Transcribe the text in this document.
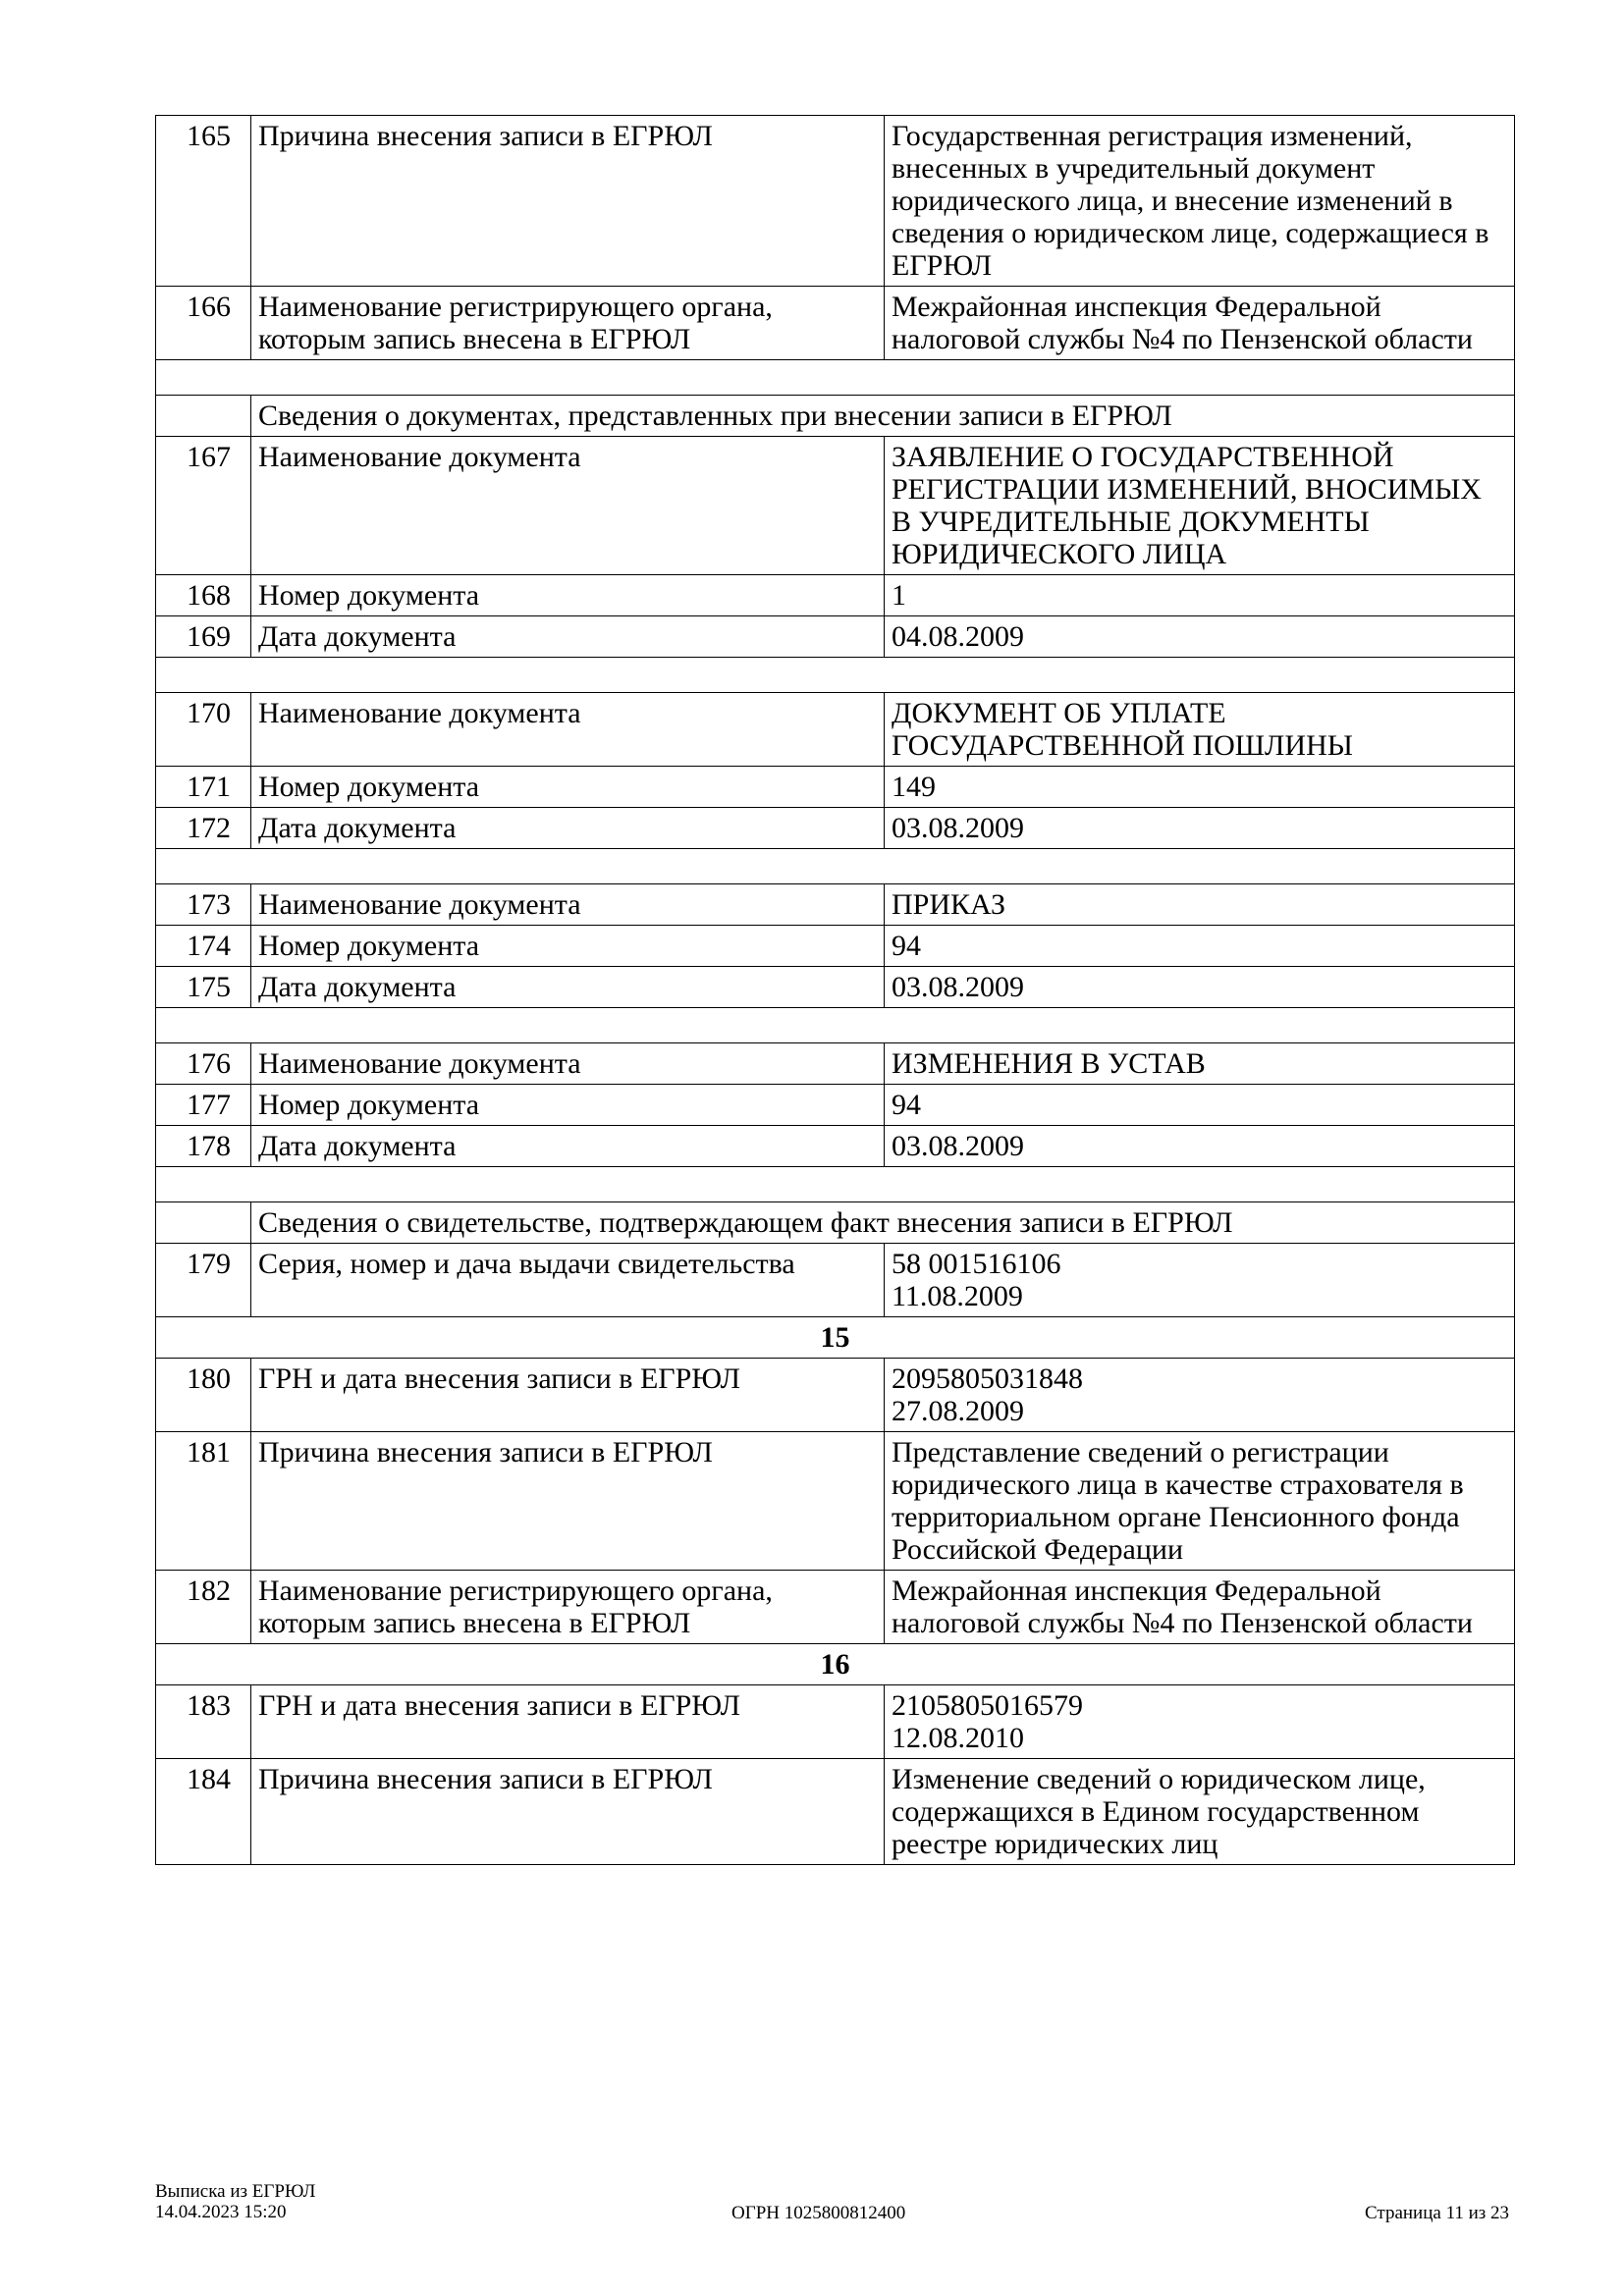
165	Причина внесения записи в ЕГРЮЛ	Государственная регистрация изменений, внесенных в учредительный документ юридического лица, и внесение изменений в сведения о юридическом лице, содержащиеся в ЕГРЮЛ
166	Наименование регистрирующего органа, которым запись внесена в ЕГРЮЛ	Межрайонная инспекция Федеральной налоговой службы №4 по Пензенской области

	Сведения о документах, представленных при внесении записи в ЕГРЮЛ	
167	Наименование документа	ЗАЯВЛЕНИЕ О ГОСУДАРСТВЕННОЙ РЕГИСТРАЦИИ ИЗМЕНЕНИЙ, ВНОСИМЫХ В УЧРЕДИТЕЛЬНЫЕ ДОКУМЕНТЫ ЮРИДИЧЕСКОГО ЛИЦА
168	Номер документа	1
169	Дата документа	04.08.2009

170	Наименование документа	ДОКУМЕНТ ОБ УПЛАТЕ ГОСУДАРСТВЕННОЙ ПОШЛИНЫ
171	Номер документа	149
172	Дата документа	03.08.2009

173	Наименование документа	ПРИКАЗ
174	Номер документа	94
175	Дата документа	03.08.2009

176	Наименование документа	ИЗМЕНЕНИЯ В УСТАВ
177	Номер документа	94
178	Дата документа	03.08.2009

	Сведения о свидетельстве, подтверждающем факт внесения записи в ЕГРЮЛ	
179	Серия, номер и дача выдачи свидетельства	58 001516106
11.08.2009
15		
180	ГРН и дата внесения записи в ЕГРЮЛ	2095805031848
27.08.2009
181	Причина внесения записи в ЕГРЮЛ	Представление сведений о регистрации юридического лица в качестве страхователя в территориальном органе Пенсионного фонда Российской Федерации
182	Наименование регистрирующего органа, которым запись внесена в ЕГРЮЛ	Межрайонная инспекция Федеральной налоговой службы №4 по Пензенской области
16		
183	ГРН и дата внесения записи в ЕГРЮЛ	2105805016579
12.08.2010
184	Причина внесения записи в ЕГРЮЛ	Изменение сведений о юридическом лице, содержащихся в Едином государственном реестре юридических лиц
Выписка из ЕГРЮЛ
14.04.2023 15:20	ОГРН 1025800812400	Страница 11 из 23
